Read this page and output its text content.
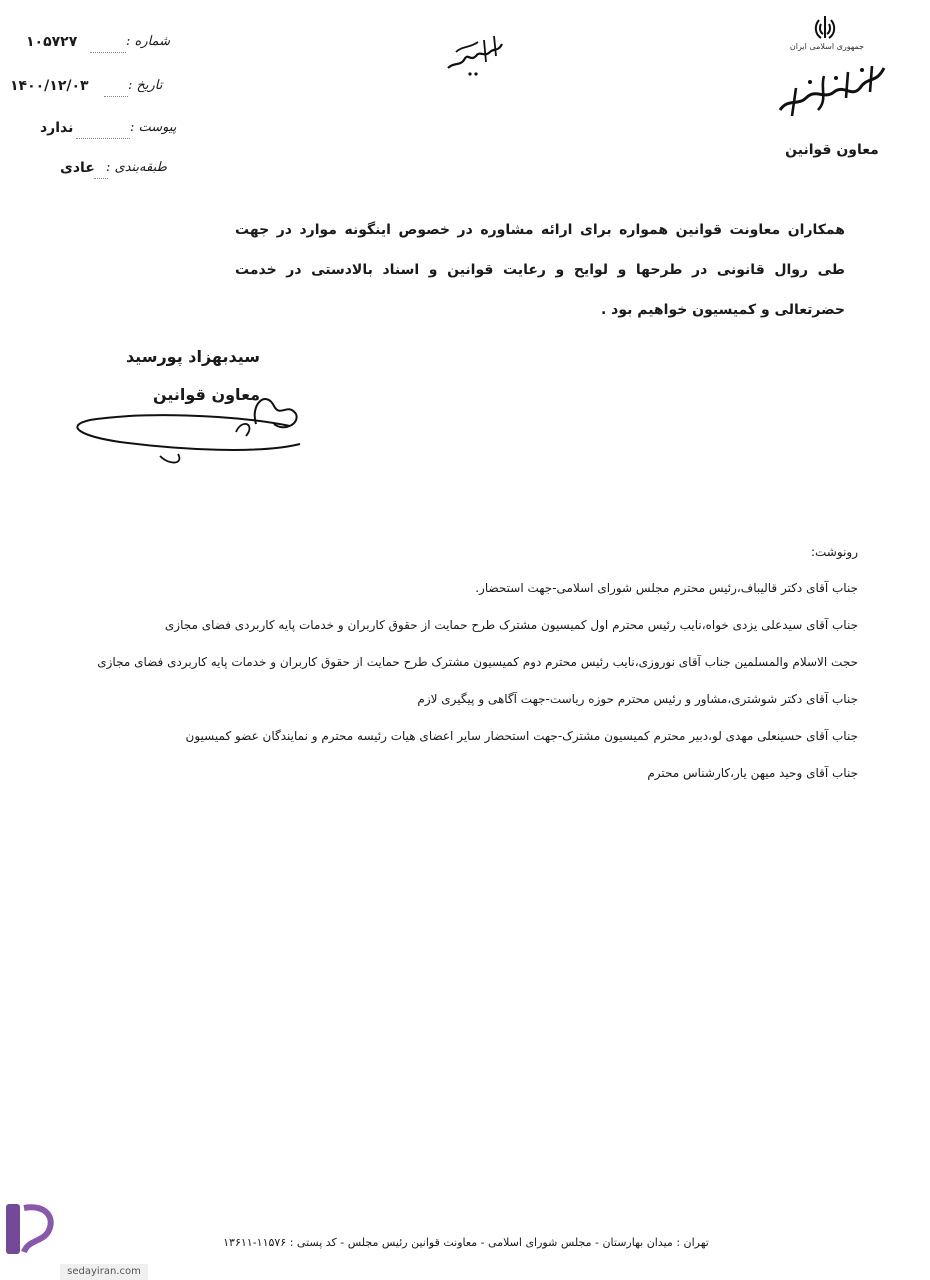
۱۰۵۷۲۷	شماره :
۱۴۰۰/۱۲/۰۳	تاریخ :
ندارد	پیوست :
عادی طبقه‌بندی :
باسمه تعالی
جمهوری اسلامی ایران
مجلس شورای اسلامی
معاون قوانین
همکاران معاونت قوانین همواره برای ارائه مشاوره در خصوص اینگونه موارد در جهت طی روال قانونی در طرحها و لوایح و رعایت قوانین و اسناد بالادستی در خدمت حضرتعالی و کمیسیون خواهیم بود .
سیدبهزاد پورسید
معاون قوانین
رونوشت:
جناب آقای دکتر قالیباف،رئیس محترم مجلس شورای اسلامی-جهت استحضار.
جناب آقای سیدعلی یزدی خواه،نایب رئیس محترم اول کمیسیون مشترک طرح حمایت از حقوق کاربران و خدمات پایه کاربردی فضای مجازی
حجت الاسلام والمسلمین جناب آقای نوروزی،نایب رئیس محترم دوم کمیسیون مشترک طرح حمایت از حقوق کاربران و خدمات پایه کاربردی فضای مجازی
جناب آقای دکتر شوشتری،مشاور و رئیس محترم حوزه ریاست-جهت آگاهی و پیگیری لازم
جناب آقای حسینعلی مهدی لو،دبیر محترم کمیسیون مشترک-جهت استحضار سایر اعضای هیات رئیسه محترم و نمایندگان عضو کمیسیون
جناب آقای وحید میهن یار،کارشناس محترم
تهران : میدان بهارستان - مجلس شورای اسلامی - معاونت قوانین رئیس مجلس - کد پستی : ۱۱۵۷۶-۱۳۶۱۱
sedayiran.com
